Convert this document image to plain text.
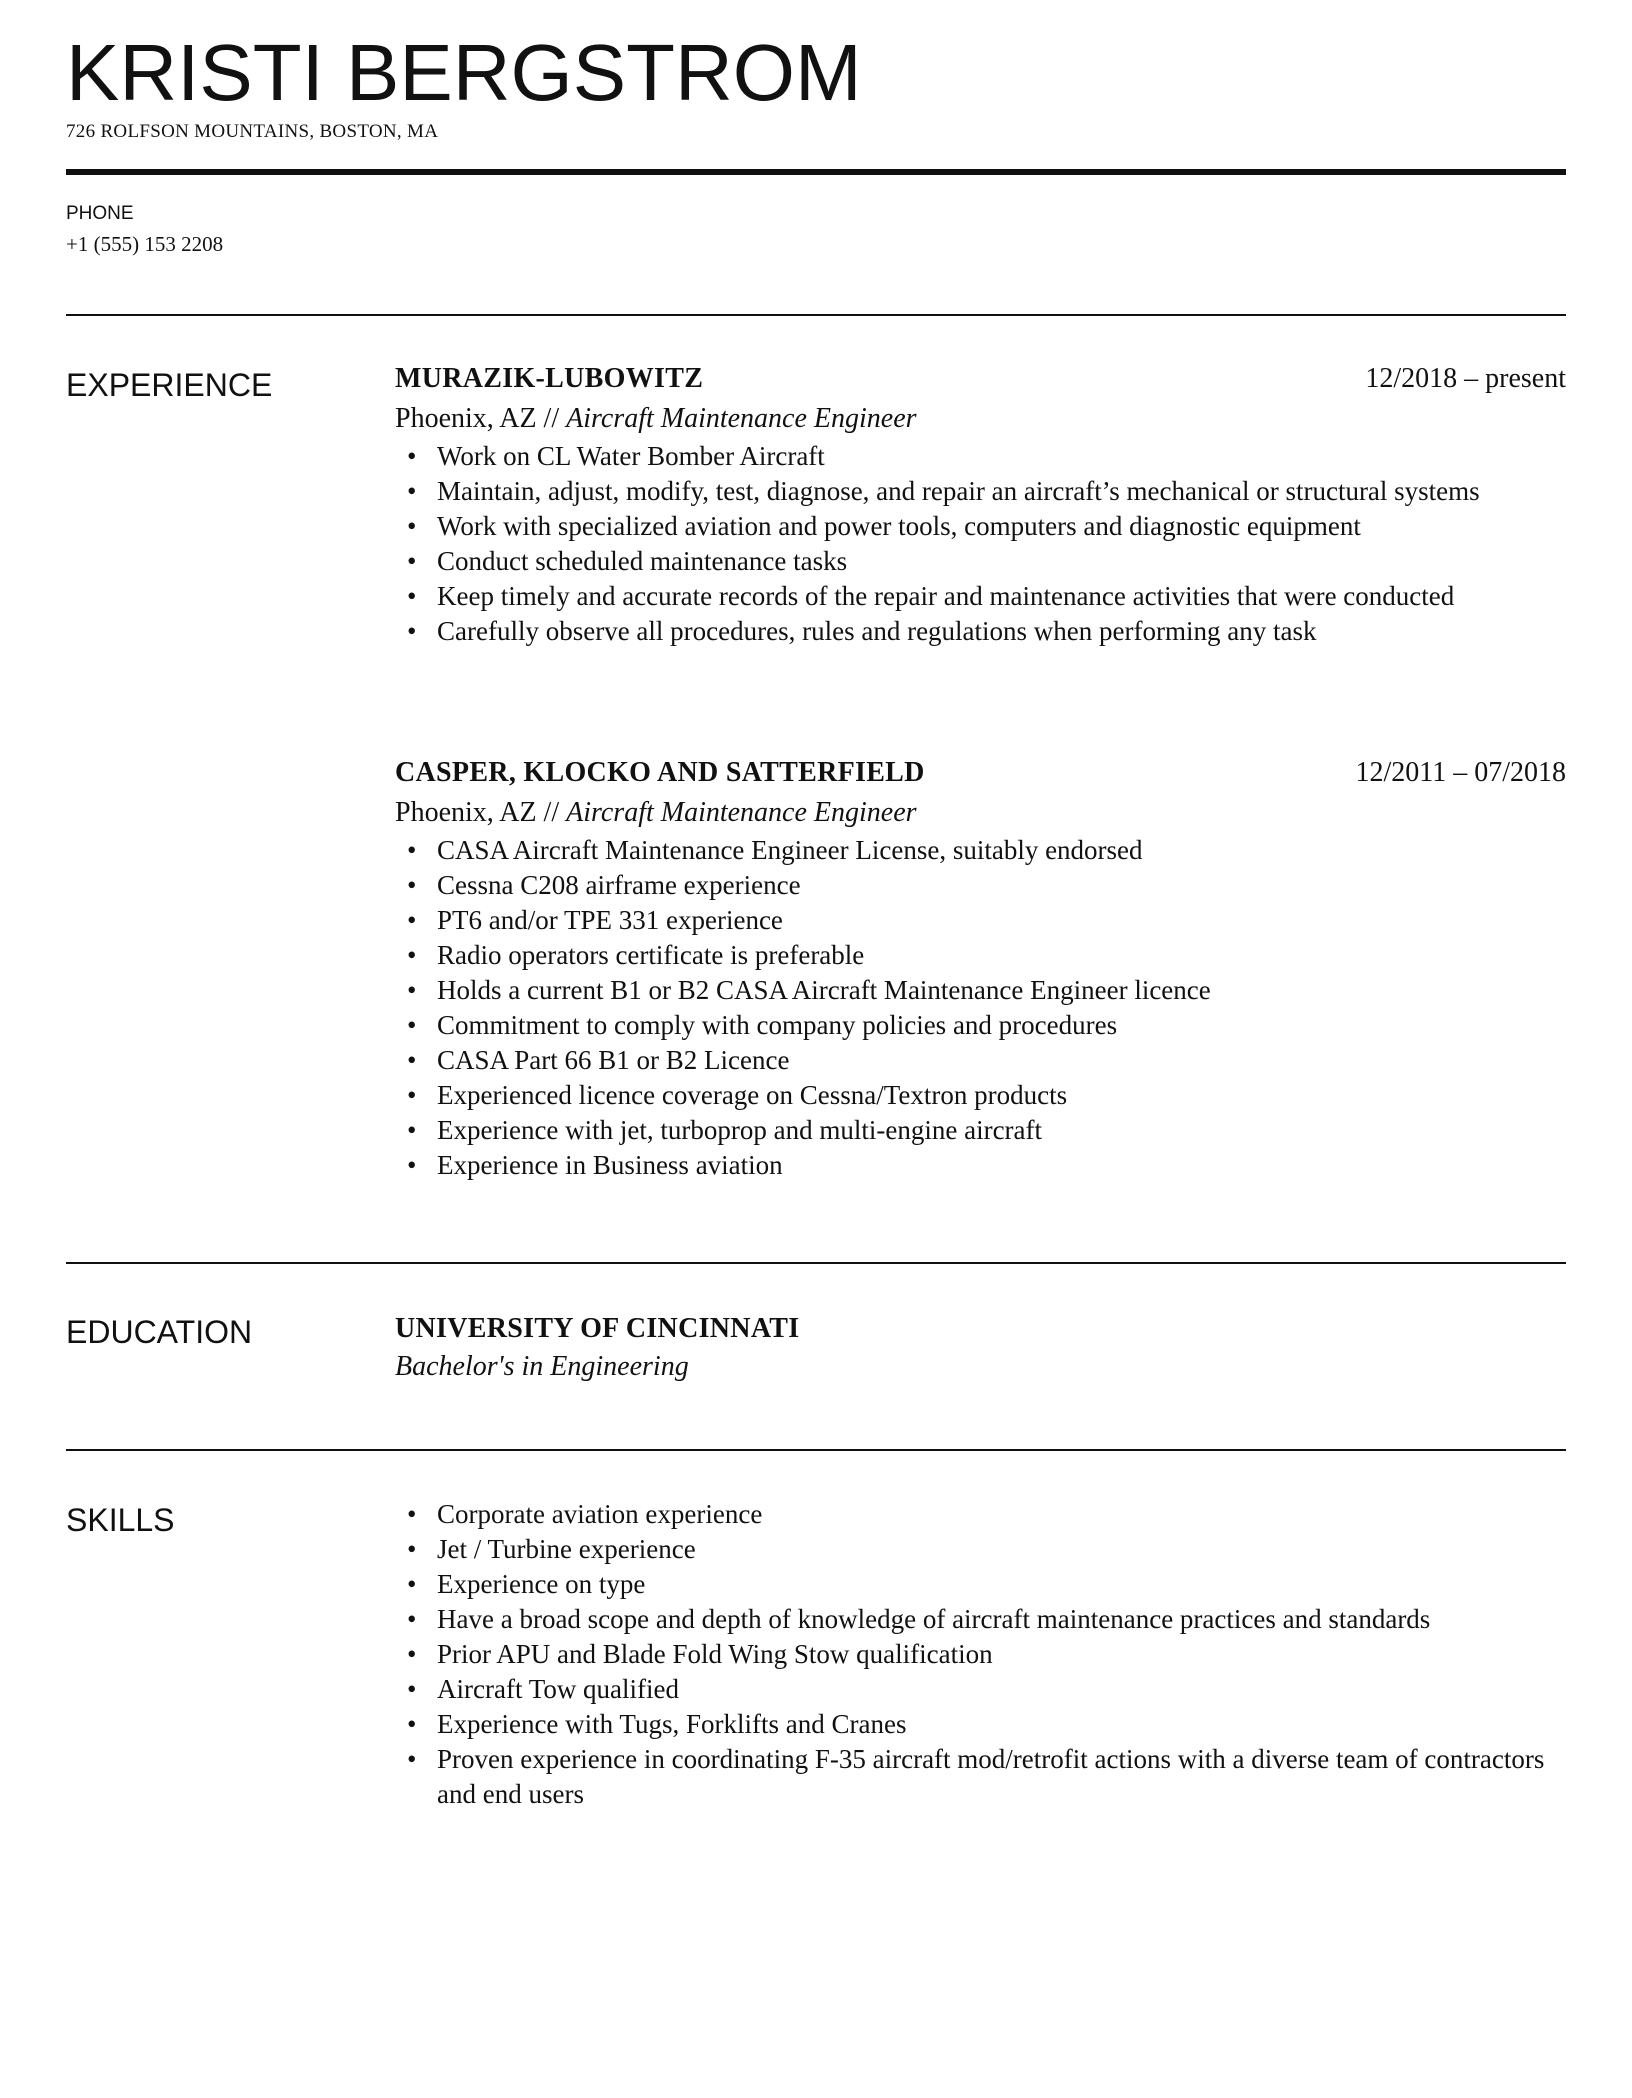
KRISTI BERGSTROM
726 ROLFSON MOUNTAINS, BOSTON, MA
PHONE
+1 (555) 153 2208
EXPERIENCE	MURAZIK-LUBOWITZ	12/2018 – present
Phoenix, AZ // Aircraft Maintenance Engineer
• Work on CL Water Bomber Aircraft
• Maintain, adjust, modify, test, diagnose, and repair an aircraft’s mechanical or structural systems
• Work with specialized aviation and power tools, computers and diagnostic equipment
• Conduct scheduled maintenance tasks
• Keep timely and accurate records of the repair and maintenance activities that were conducted
• Carefully observe all procedures, rules and regulations when performing any task
CASPER, KLOCKO AND SATTERFIELD	12/2011 – 07/2018
Phoenix, AZ // Aircraft Maintenance Engineer
• CASA Aircraft Maintenance Engineer License, suitably endorsed
• Cessna C208 airframe experience
• PT6 and/or TPE 331 experience
• Radio operators certificate is preferable
• Holds a current B1 or B2 CASA Aircraft Maintenance Engineer licence
• Commitment to comply with company policies and procedures
• CASA Part 66 B1 or B2 Licence
• Experienced licence coverage on Cessna/Textron products
• Experience with jet, turboprop and multi-engine aircraft
• Experience in Business aviation
EDUCATION	UNIVERSITY OF CINCINNATI
Bachelor's in Engineering
SKILLS
•	Corporate aviation experience
• Jet / Turbine experience
• Experience on type
• Have a broad scope and depth of knowledge of aircraft maintenance practices and standards
• Prior APU and Blade Fold Wing Stow qualification
• Aircraft Tow qualified
• Experience with Tugs, Forklifts and Cranes
• Proven experience in coordinating F-35 aircraft mod/retrofit actions with a diverse team of contractors and end users
